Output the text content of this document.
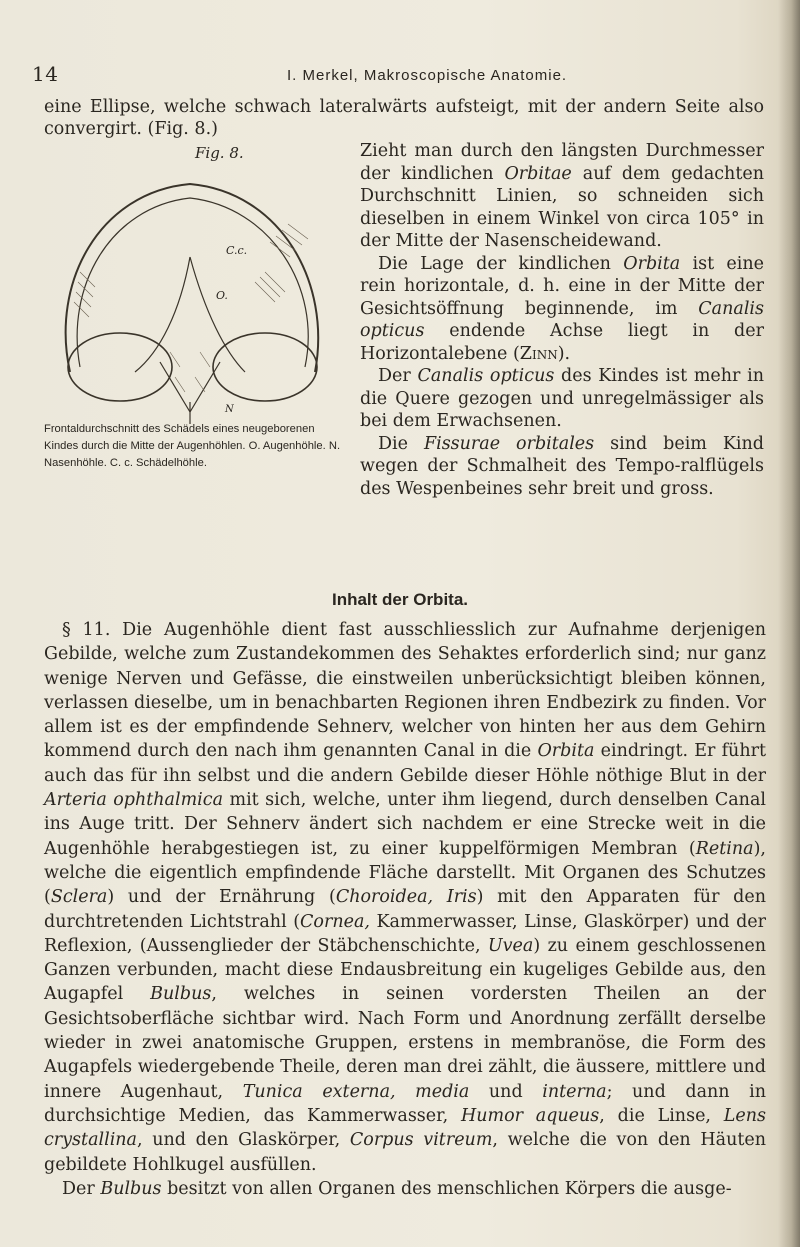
14	I. Merkel, Makroscopische Anatomie.

eine Ellipse, welche schwach lateralwärts aufsteigt, mit der andern Seite also convergirt. (Fig. 8.)

Fig. 8.
C.c.
O.
N

Frontaldurchschnitt des Schädels eines neugeborenen Kindes durch die Mitte der Augenhöhlen. O. Augenhöhle. N. Nasenhöhle. C. c. Schädelhöhle.

Zieht man durch den längsten Durchmesser der kindlichen Orbitae auf dem gedachten Durchschnitt Linien, so schneiden sich dieselben in einem Winkel von circa 105° in der Mitte der Nasenscheidewand.

Die Lage der kindlichen Orbita ist eine rein horizontale, d. h. eine in der Mitte der Gesichtsöffnung beginnende, im Canalis opticus endende Achse liegt in der Horizontalebene (Zinn).

Der Canalis opticus des Kindes ist mehr in die Quere gezogen und unregelmässiger als bei dem Erwachsenen.

Die Fissurae orbitales sind beim Kind wegen der Schmalheit des Tempo-ralflügels des Wespenbeines sehr breit und gross.

Inhalt der Orbita.

§ 11. Die Augenhöhle dient fast ausschliesslich zur Aufnahme derjenigen Gebilde, welche zum Zustandekommen des Sehaktes erforderlich sind; nur ganz wenige Nerven und Gefässe, die einstweilen unberücksichtigt bleiben können, verlassen dieselbe, um in benachbarten Regionen ihren Endbezirk zu finden. Vor allem ist es der empfindende Sehnerv, welcher von hinten her aus dem Gehirn kommend durch den nach ihm genannten Canal in die Orbita eindringt. Er führt auch das für ihn selbst und die andern Gebilde dieser Höhle nöthige Blut in der Arteria ophthalmica mit sich, welche, unter ihm liegend, durch denselben Canal ins Auge tritt. Der Sehnerv ändert sich nachdem er eine Strecke weit in die Augenhöhle herabgestiegen ist, zu einer kuppelförmigen Membran (Retina), welche die eigentlich empfindende Fläche darstellt. Mit Organen des Schutzes (Sclera) und der Ernährung (Choroidea, Iris) mit den Apparaten für den durchtretenden Lichtstrahl (Cornea, Kammerwasser, Linse, Glaskörper) und der Reflexion, (Aussenglieder der Stäbchenschichte, Uvea) zu einem geschlossenen Ganzen verbunden, macht diese Endausbreitung ein kugeliges Gebilde aus, den Augapfel Bulbus, welches in seinen vordersten Theilen an der Gesichtsoberfläche sichtbar wird. Nach Form und Anordnung zerfällt derselbe wieder in zwei anatomische Gruppen, erstens in membranöse, die Form des Augapfels wiedergebende Theile, deren man drei zählt, die äussere, mittlere und innere Augenhaut, Tunica externa, media und interna; und dann in durchsichtige Medien, das Kammerwasser, Humor aqueus, die Linse, Lens crystallina, und den Glaskörper, Corpus vitreum, welche die von den Häuten gebildete Hohlkugel ausfüllen.

Der Bulbus besitzt von allen Organen des menschlichen Körpers die ausge-
